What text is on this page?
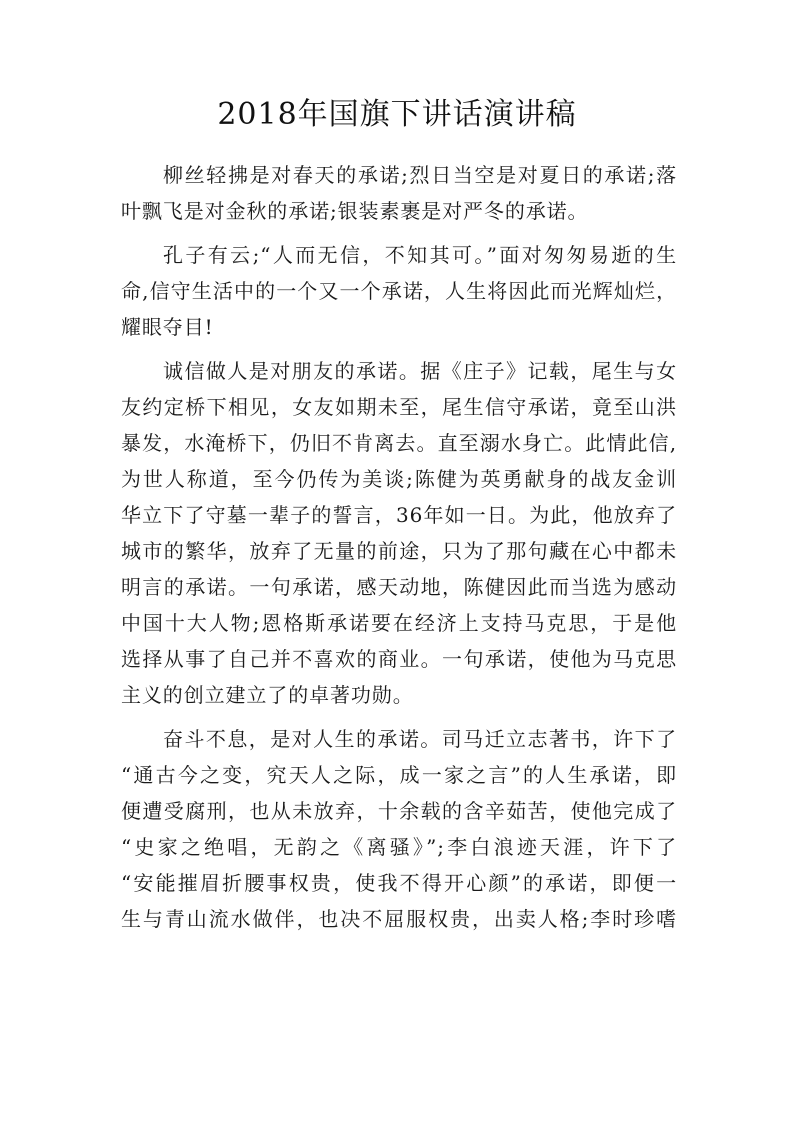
2018年国旗下讲话演讲稿
柳丝轻拂是对春天的承诺;烈日当空是对夏日的承诺;落
叶飘飞是对金秋的承诺;银装素裹是对严冬的承诺。
孔子有云;“人而无信，不知其可。”面对匆匆易逝的生
命,信守生活中的一个又一个承诺，人生将因此而光辉灿烂，
耀眼夺目!
诚信做人是对朋友的承诺。据《庄子》记载，尾生与女
友约定桥下相见，女友如期未至，尾生信守承诺，竟至山洪
暴发，水淹桥下，仍旧不肯离去。直至溺水身亡。此情此信,
为世人称道，至今仍传为美谈;陈健为英勇献身的战友金训
华立下了守墓一辈子的誓言，36年如一日。为此，他放弃了
城市的繁华，放弃了无量的前途，只为了那句藏在心中都未
明言的承诺。一句承诺，感天动地，陈健因此而当选为感动
中国十大人物;恩格斯承诺要在经济上支持马克思，于是他
选择从事了自己并不喜欢的商业。一句承诺，使他为马克思
主义的创立建立了的卓著功勋。
奋斗不息，是对人生的承诺。司马迁立志著书，许下了
“通古今之变，究天人之际，成一家之言”的人生承诺，即
便遭受腐刑，也从未放弃，十余载的含辛茹苦，使他完成了
“史家之绝唱，无韵之《离骚》”;李白浪迹天涯，许下了
“安能摧眉折腰事权贵，使我不得开心颜”的承诺，即便一
生与青山流水做伴，也决不屈服权贵，出卖人格;李时珍嗜
